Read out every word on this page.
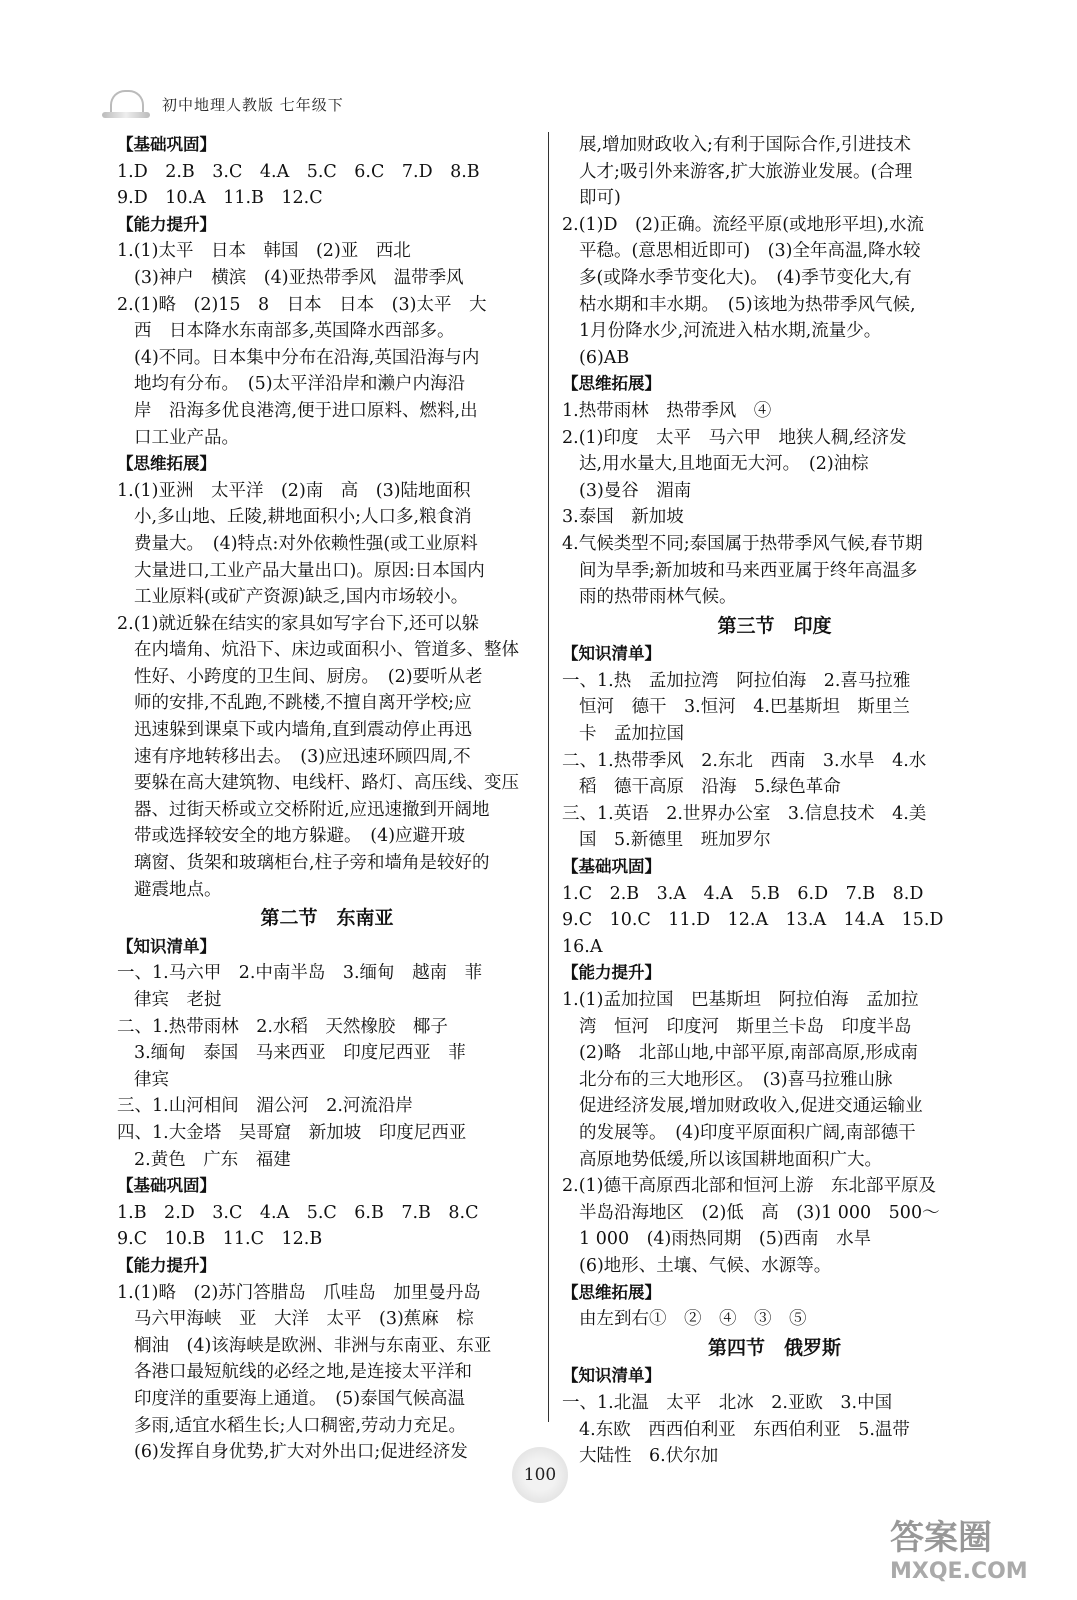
初中地理人教版 七年级下
【基础巩固】
1.D　2.B　3.C　4.A　5.C　6.C　7.D　8.B
9.D　10.A　11.B　12.C
【能力提升】
1.(1)太平　日本　韩国　(2)亚　西北
(3)神户　横滨　(4)亚热带季风　温带季风
2.(1)略　(2)15　8　日本　日本　(3)太平　大
西　日本降水东南部多,英国降水西部多。
(4)不同。日本集中分布在沿海,英国沿海与内
地均有分布。　(5)太平洋沿岸和濑户内海沿
岸　沿海多优良港湾,便于进口原料、燃料,出
口工业产品。
【思维拓展】
1.(1)亚洲　太平洋　(2)南　高　(3)陆地面积
小,多山地、丘陵,耕地面积小;人口多,粮食消
费量大。　(4)特点:对外依赖性强(或工业原料
大量进口,工业产品大量出口)。原因:日本国内
工业原料(或矿产资源)缺乏,国内市场较小。
2.(1)就近躲在结实的家具如写字台下,还可以躲
在内墙角、炕沿下、床边或面积小、管道多、整体
性好、小跨度的卫生间、厨房。　(2)要听从老
师的安排,不乱跑,不跳楼,不擅自离开学校;应
迅速躲到课桌下或内墙角,直到震动停止再迅
速有序地转移出去。　(3)应迅速环顾四周,不
要躲在高大建筑物、电线杆、路灯、高压线、变压
器、过街天桥或立交桥附近,应迅速撤到开阔地
带或选择较安全的地方躲避。　(4)应避开玻
璃窗、货架和玻璃柜台,柱子旁和墙角是较好的
避震地点。
第二节　东南亚
【知识清单】
一、1.马六甲　2.中南半岛　3.缅甸　越南　菲
律宾　老挝
二、1.热带雨林　2.水稻　天然橡胶　椰子
3.缅甸　泰国　马来西亚　印度尼西亚　菲
律宾
三、1.山河相间　湄公河　2.河流沿岸
四、1.大金塔　吴哥窟　新加坡　印度尼西亚
2.黄色　广东　福建
【基础巩固】
1.B　2.D　3.C　4.A　5.C　6.B　7.B　8.C
9.C　10.B　11.C　12.B
【能力提升】
1.(1)略　(2)苏门答腊岛　爪哇岛　加里曼丹岛
马六甲海峡　亚　大洋　太平　(3)蕉麻　棕
榈油　(4)该海峡是欧洲、非洲与东南亚、东亚
各港口最短航线的必经之地,是连接太平洋和
印度洋的重要海上通道。　(5)泰国气候高温
多雨,适宜水稻生长;人口稠密,劳动力充足。
(6)发挥自身优势,扩大对外出口;促进经济发
展,增加财政收入;有利于国际合作,引进技术
人才;吸引外来游客,扩大旅游业发展。(合理
即可)
2.(1)D　(2)正确。流经平原(或地形平坦),水流
平稳。(意思相近即可)　(3)全年高温,降水较
多(或降水季节变化大)。　(4)季节变化大,有
枯水期和丰水期。　(5)该地为热带季风气候,
1月份降水少,河流进入枯水期,流量少。
(6)AB
【思维拓展】
1.热带雨林　热带季风　④
2.(1)印度　太平　马六甲　地狭人稠,经济发
达,用水量大,且地面无大河。　(2)油棕
(3)曼谷　湄南
3.泰国　新加坡
4.气候类型不同;泰国属于热带季风气候,春节期
间为旱季;新加坡和马来西亚属于终年高温多
雨的热带雨林气候。
第三节　印度
【知识清单】
一、1.热　孟加拉湾　阿拉伯海　2.喜马拉雅
恒河　德干　3.恒河　4.巴基斯坦　斯里兰
卡　孟加拉国
二、1.热带季风　2.东北　西南　3.水旱　4.水
稻　德干高原　沿海　5.绿色革命
三、1.英语　2.世界办公室　3.信息技术　4.美
国　5.新德里　班加罗尔
【基础巩固】
1.C　2.B　3.A　4.A　5.B　6.D　7.B　8.D
9.C　10.C　11.D　12.A　13.A　14.A　15.D
16.A
【能力提升】
1.(1)孟加拉国　巴基斯坦　阿拉伯海　孟加拉
湾　恒河　印度河　斯里兰卡岛　印度半岛
(2)略　北部山地,中部平原,南部高原,形成南
北分布的三大地形区。　(3)喜马拉雅山脉
促进经济发展,增加财政收入,促进交通运输业
的发展等。　(4)印度平原面积广阔,南部德干
高原地势低缓,所以该国耕地面积广大。
2.(1)德干高原西北部和恒河上游　东北部平原及
半岛沿海地区　(2)低　高　(3)1 000　500～
1 000　(4)雨热同期　(5)西南　水旱
(6)地形、土壤、气候、水源等。
【思维拓展】
由左到右①　②　④　③　⑤
第四节　俄罗斯
【知识清单】
一、1.北温　太平　北冰　2.亚欧　3.中国
4.东欧　西西伯利亚　东西伯利亚　5.温带
大陆性　6.伏尔加
100
答案圈
MXQE.COM
